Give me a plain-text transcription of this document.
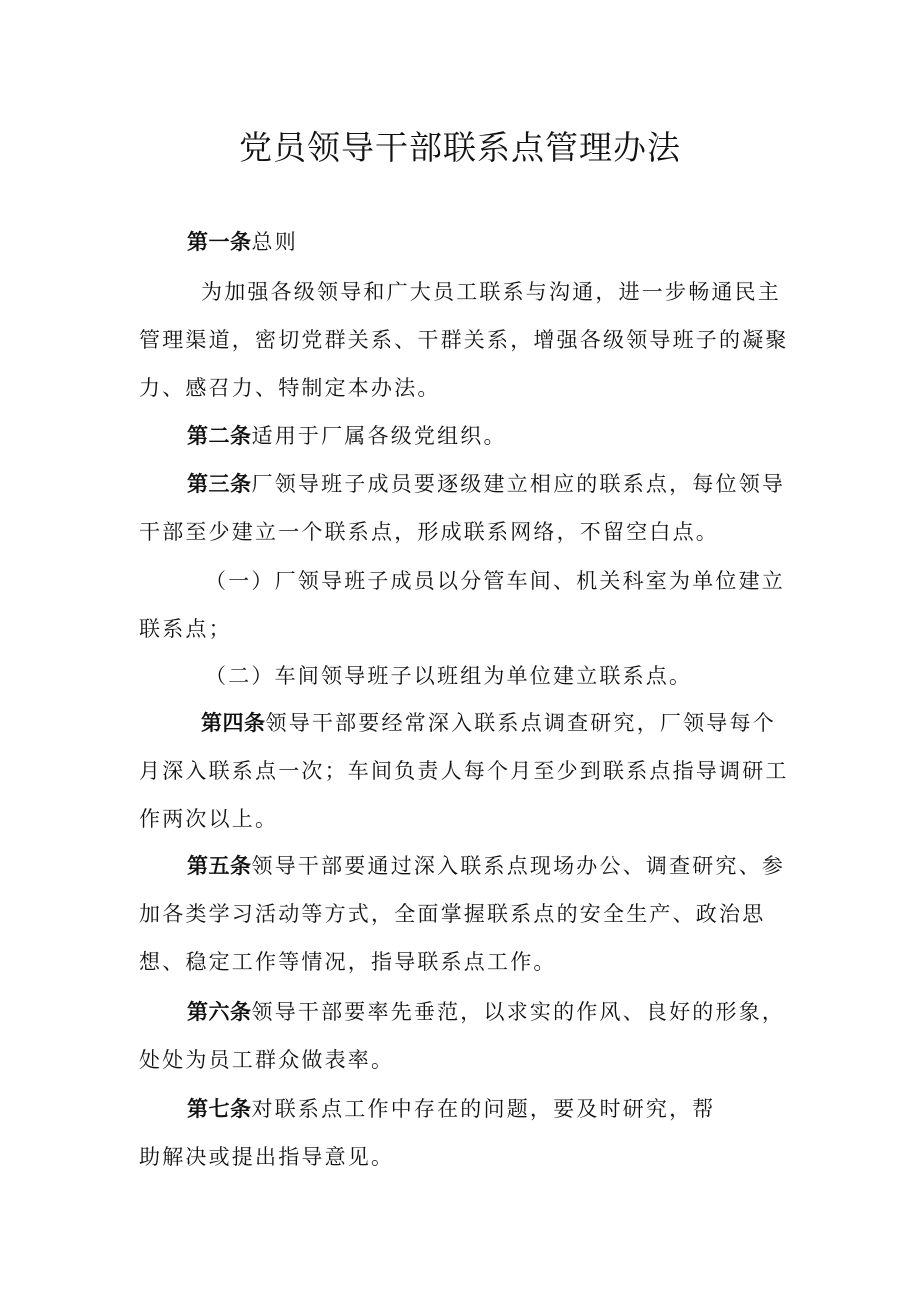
党员领导干部联系点管理办法
第一条总则
为加强各级领导和广大员工联系与沟通，进一步畅通民主管理渠道，密切党群关系、干群关系，增强各级领导班子的凝聚力、感召力、特制定本办法。
第二条适用于厂属各级党组织。
第三条厂领导班子成员要逐级建立相应的联系点，每位领导干部至少建立一个联系点，形成联系网络，不留空白点。
（一）厂领导班子成员以分管车间、机关科室为单位建立联系点；
（二）车间领导班子以班组为单位建立联系点。
第四条领导干部要经常深入联系点调查研究，厂领导每个月深入联系点一次；车间负责人每个月至少到联系点指导调研工作两次以上。
第五条领导干部要通过深入联系点现场办公、调查研究、参加各类学习活动等方式，全面掌握联系点的安全生产、政治思想、稳定工作等情况，指导联系点工作。
第六条领导干部要率先垂范，以求实的作风、良好的形象，处处为员工群众做表率。
第七条对联系点工作中存在的问题，要及时研究，帮助解决或提出指导意见。
